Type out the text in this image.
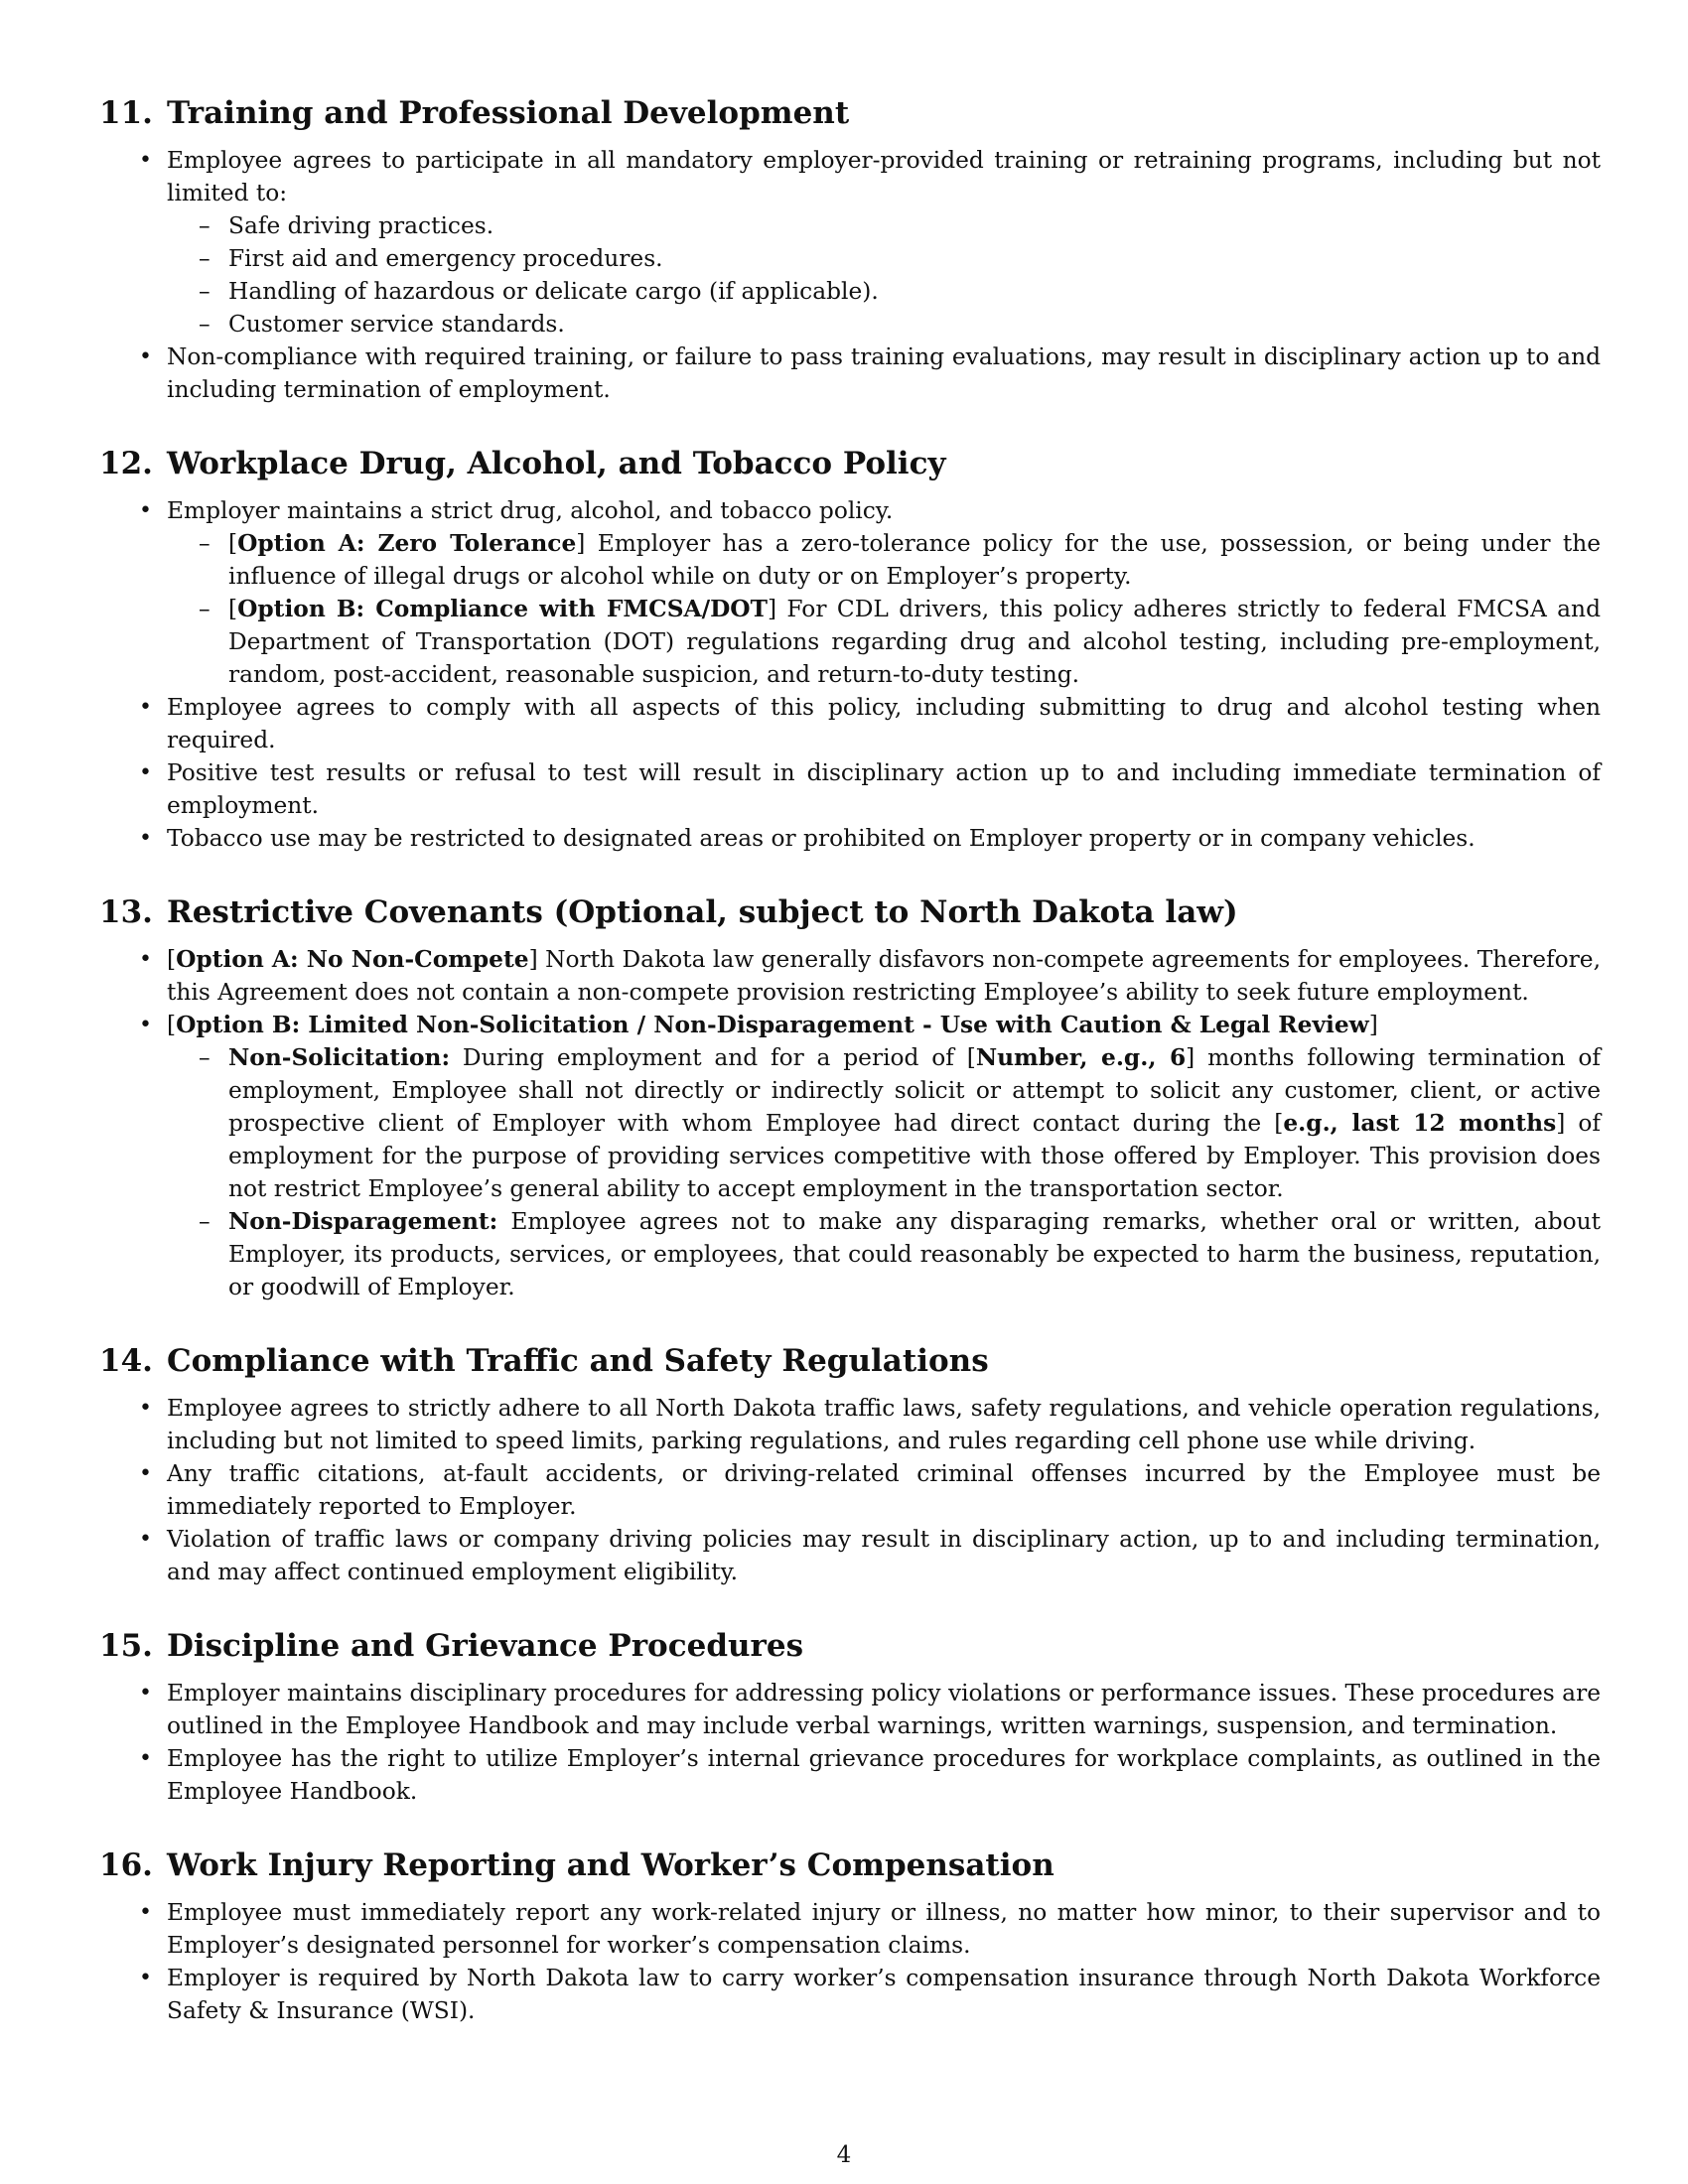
11. Training and Professional Development
• Employee agrees to participate in all mandatory employer-provided training or retraining programs, including but not limited to:
– Safe driving practices.
– First aid and emergency procedures.
– Handling of hazardous or delicate cargo (if applicable).
– Customer service standards.
• Non-compliance with required training, or failure to pass training evaluations, may result in disciplinary action up to and including termination of employment.
12. Workplace Drug, Alcohol, and Tobacco Policy
• Employer maintains a strict drug, alcohol, and tobacco policy.
– [Option A: Zero Tolerance] Employer has a zero-tolerance policy for the use, possession, or being under the influence of illegal drugs or alcohol while on duty or on Employer’s property.
– [Option B: Compliance with FMCSA/DOT] For CDL drivers, this policy adheres strictly to federal FMCSA and Department of Transportation (DOT) regulations regarding drug and alcohol testing, including pre-employment, random, post-accident, reasonable suspicion, and return-to-duty testing.
• Employee agrees to comply with all aspects of this policy, including submitting to drug and alcohol testing when required.
• Positive test results or refusal to test will result in disciplinary action up to and including immediate termination of employment.
• Tobacco use may be restricted to designated areas or prohibited on Employer property or in company vehicles.
13. Restrictive Covenants (Optional, subject to North Dakota law)
• [Option A: No Non-Compete] North Dakota law generally disfavors non-compete agreements for employees. Therefore, this Agreement does not contain a non-compete provision restricting Employee’s ability to seek future employment.
• [Option B: Limited Non-Solicitation / Non-Disparagement - Use with Caution & Legal Review]
– Non-Solicitation: During employment and for a period of [Number, e.g., 6] months following termination of employment, Employee shall not directly or indirectly solicit or attempt to solicit any customer, client, or active prospective client of Employer with whom Employee had direct contact during the [e.g., last 12 months] of employment for the purpose of providing services competitive with those offered by Employer. This provision does not restrict Employee’s general ability to accept employment in the transportation sector.
– Non-Disparagement: Employee agrees not to make any disparaging remarks, whether oral or written, about Employer, its products, services, or employees, that could reasonably be expected to harm the business, reputation, or goodwill of Employer.
14. Compliance with Traffic and Safety Regulations
• Employee agrees to strictly adhere to all North Dakota traffic laws, safety regulations, and vehicle operation regulations, including but not limited to speed limits, parking regulations, and rules regarding cell phone use while driving.
• Any traffic citations, at-fault accidents, or driving-related criminal offenses incurred by the Employee must be immediately reported to Employer.
• Violation of traffic laws or company driving policies may result in disciplinary action, up to and including termination, and may affect continued employment eligibility.
15. Discipline and Grievance Procedures
• Employer maintains disciplinary procedures for addressing policy violations or performance issues. These procedures are outlined in the Employee Handbook and may include verbal warnings, written warnings, suspension, and termination.
• Employee has the right to utilize Employer’s internal grievance procedures for workplace complaints, as outlined in the Employee Handbook.
16. Work Injury Reporting and Worker’s Compensation
• Employee must immediately report any work-related injury or illness, no matter how minor, to their supervisor and to Employer’s designated personnel for worker’s compensation claims.
• Employer is required by North Dakota law to carry worker’s compensation insurance through North Dakota Workforce Safety & Insurance (WSI).
4
